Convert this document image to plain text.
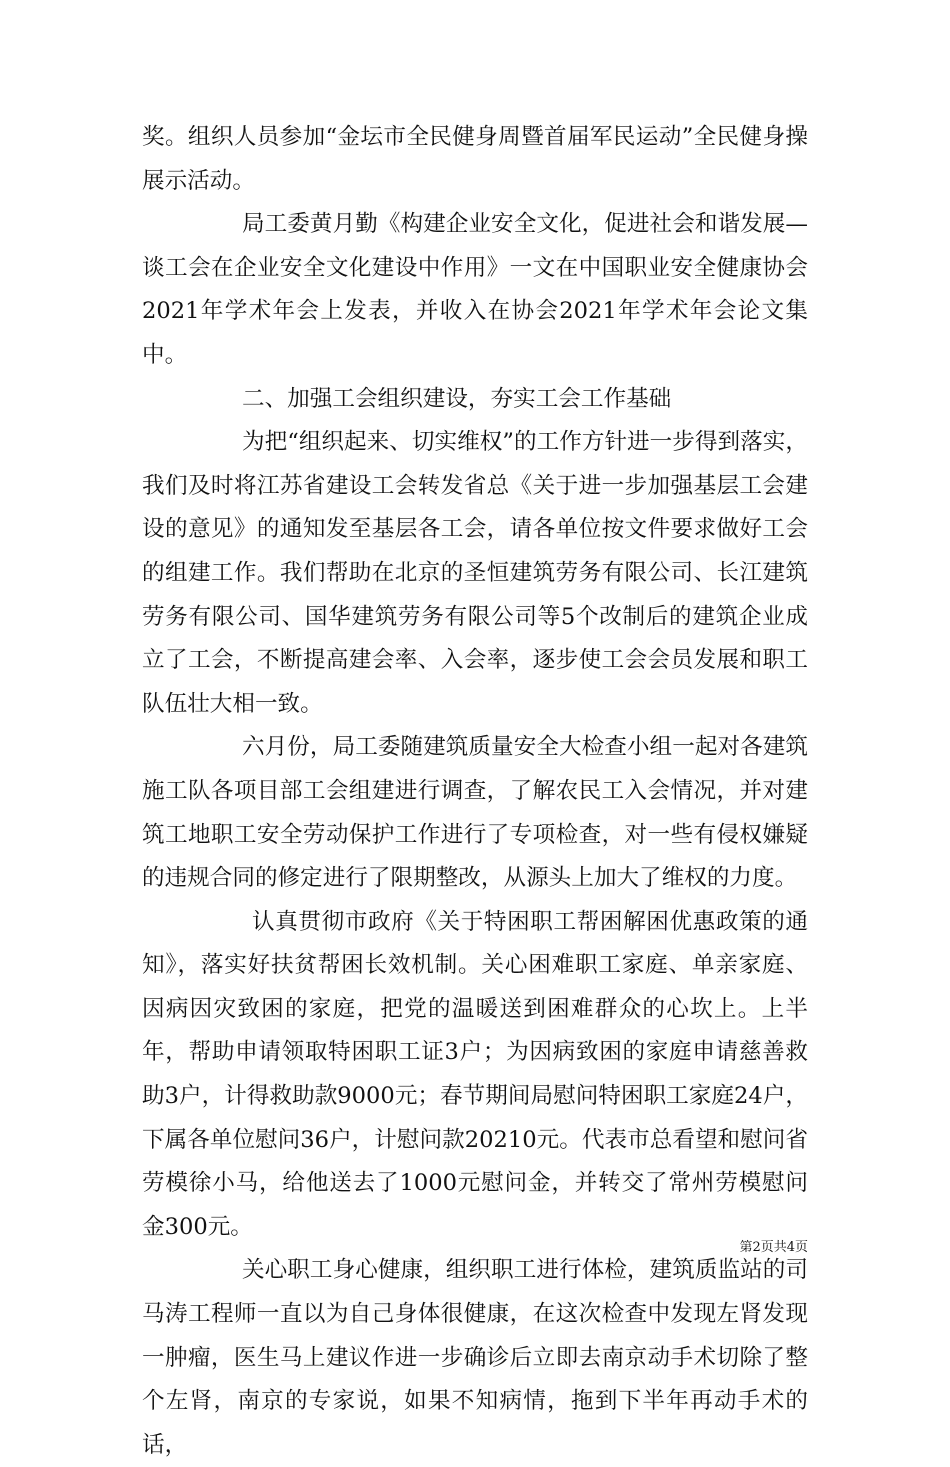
奖。组织人员参加“金坛市全民健身周暨首届军民运动”全民健身操展示活动。

局工委黄月勤《构建企业安全文化，促进社会和谐发展—谈工会在企业安全文化建设中作用》一文在中国职业安全健康协会2021年学术年会上发表，并收入在协会2021年学术年会论文集中。

二、加强工会组织建设，夯实工会工作基础

为把“组织起来、切实维权”的工作方针进一步得到落实，我们及时将江苏省建设工会转发省总《关于进一步加强基层工会建设的意见》的通知发至基层各工会，请各单位按文件要求做好工会的组建工作。我们帮助在北京的圣恒建筑劳务有限公司、长江建筑劳务有限公司、国华建筑劳务有限公司等5个改制后的建筑企业成立了工会，不断提高建会率、入会率，逐步使工会会员发展和职工队伍壮大相一致。

六月份，局工委随建筑质量安全大检查小组一起对各建筑施工队各项目部工会组建进行调查，了解农民工入会情况，并对建筑工地职工安全劳动保护工作进行了专项检查，对一些有侵权嫌疑的违规合同的修定进行了限期整改，从源头上加大了维权的力度。

认真贯彻市政府《关于特困职工帮困解困优惠政策的通知》，落实好扶贫帮困长效机制。关心困难职工家庭、单亲家庭、因病因灾致困的家庭，把党的温暖送到困难群众的心坎上。上半年，帮助申请领取特困职工证3户；为因病致困的家庭申请慈善救助3户，计得救助款9000元；春节期间局慰问特困职工家庭24户，下属各单位慰问36户，计慰问款20210元。代表市总看望和慰问省劳模徐小马，给他送去了1000元慰问金，并转交了常州劳模慰问金300元。

关心职工身心健康，组织职工进行体检，建筑质监站的司马涛工程师一直以为自己身体很健康，在这次检查中发现左肾发现一肿瘤，医生马上建议作进一步确诊后立即去南京动手术切除了整个左肾，南京的专家说，如果不知病情，拖到下半年再动手术的话，

第2页共4页
